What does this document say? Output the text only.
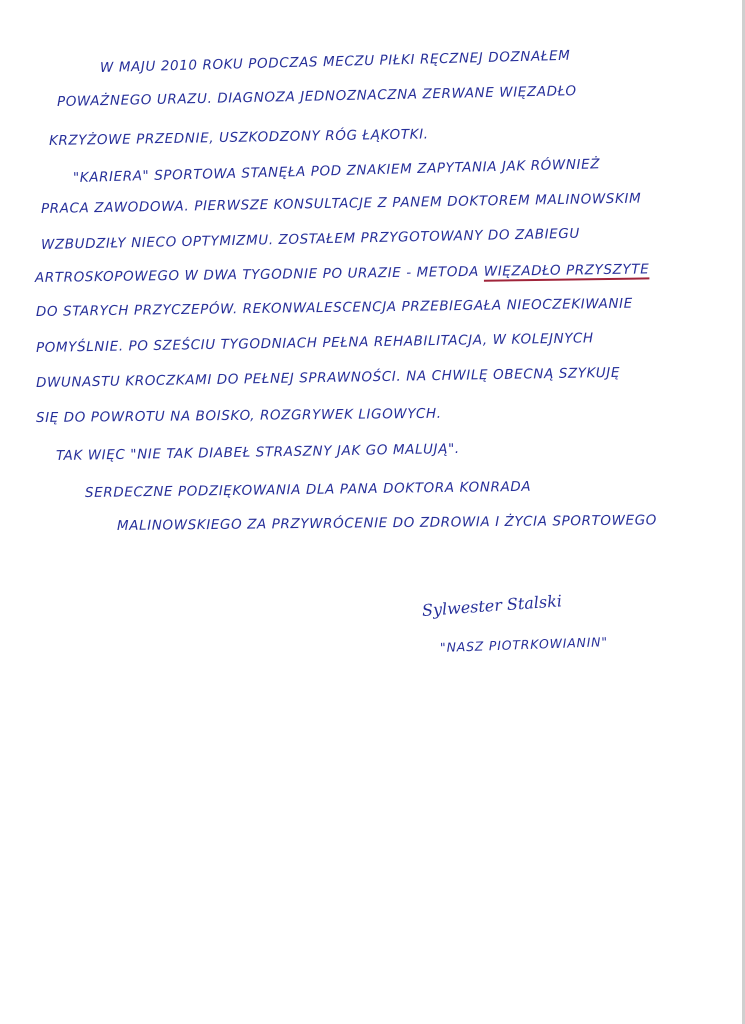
W MAJU 2010 ROKU PODCZAS MECZU PIŁKI RĘCZNEJ DOZNAŁEM

POWAŻNEGO URAZU. DIAGNOZA JEDNOZNACZNA ZERWANE WIĘZADŁO

KRZYŻOWE PRZEDNIE, USZKODZONY RÓG ŁĄKOTKI.

"KARIERA" SPORTOWA STANĘŁA POD ZNAKIEM ZAPYTANIA JAK RÓWNIEŻ

PRACA ZAWODOWA. PIERWSZE KONSULTACJE Z PANEM DOKTOREM MALINOWSKIM

WZBUDZIŁY NIECO OPTYMIZMU. ZOSTAŁEM PRZYGOTOWANY DO ZABIEGU

ARTROSKOPOWEGO W DWA TYGODNIE PO URAZIE - METODA WIĘZADŁO PRZYSZYTE

DO STARYCH PRZYCZEPÓW. REKONWALESCENCJA PRZEBIEGAŁA NIEOCZEKIWANIE

POMYŚLNIE. PO SZEŚCIU TYGODNIACH PEŁNA REHABILITACJA, W KOLEJNYCH

DWUNASTU KROCZKAMI DO PEŁNEJ SPRAWNOŚCI. NA CHWILĘ OBECNĄ SZYKUJĘ

SIĘ DO POWROTU NA BOISKO, ROZGRYWEK LIGOWYCH.

TAK WIĘC "NIE TAK DIABEŁ STRASZNY JAK GO MALUJĄ".

SERDECZNE PODZIĘKOWANIA DLA PANA DOKTORA KONRADA

MALINOWSKIEGO ZA PRZYWRÓCENIE DO ZDROWIA I ŻYCIA SPORTOWEGO

Sylwester Stalski
"NASZ PIOTRKOWIANIN"
